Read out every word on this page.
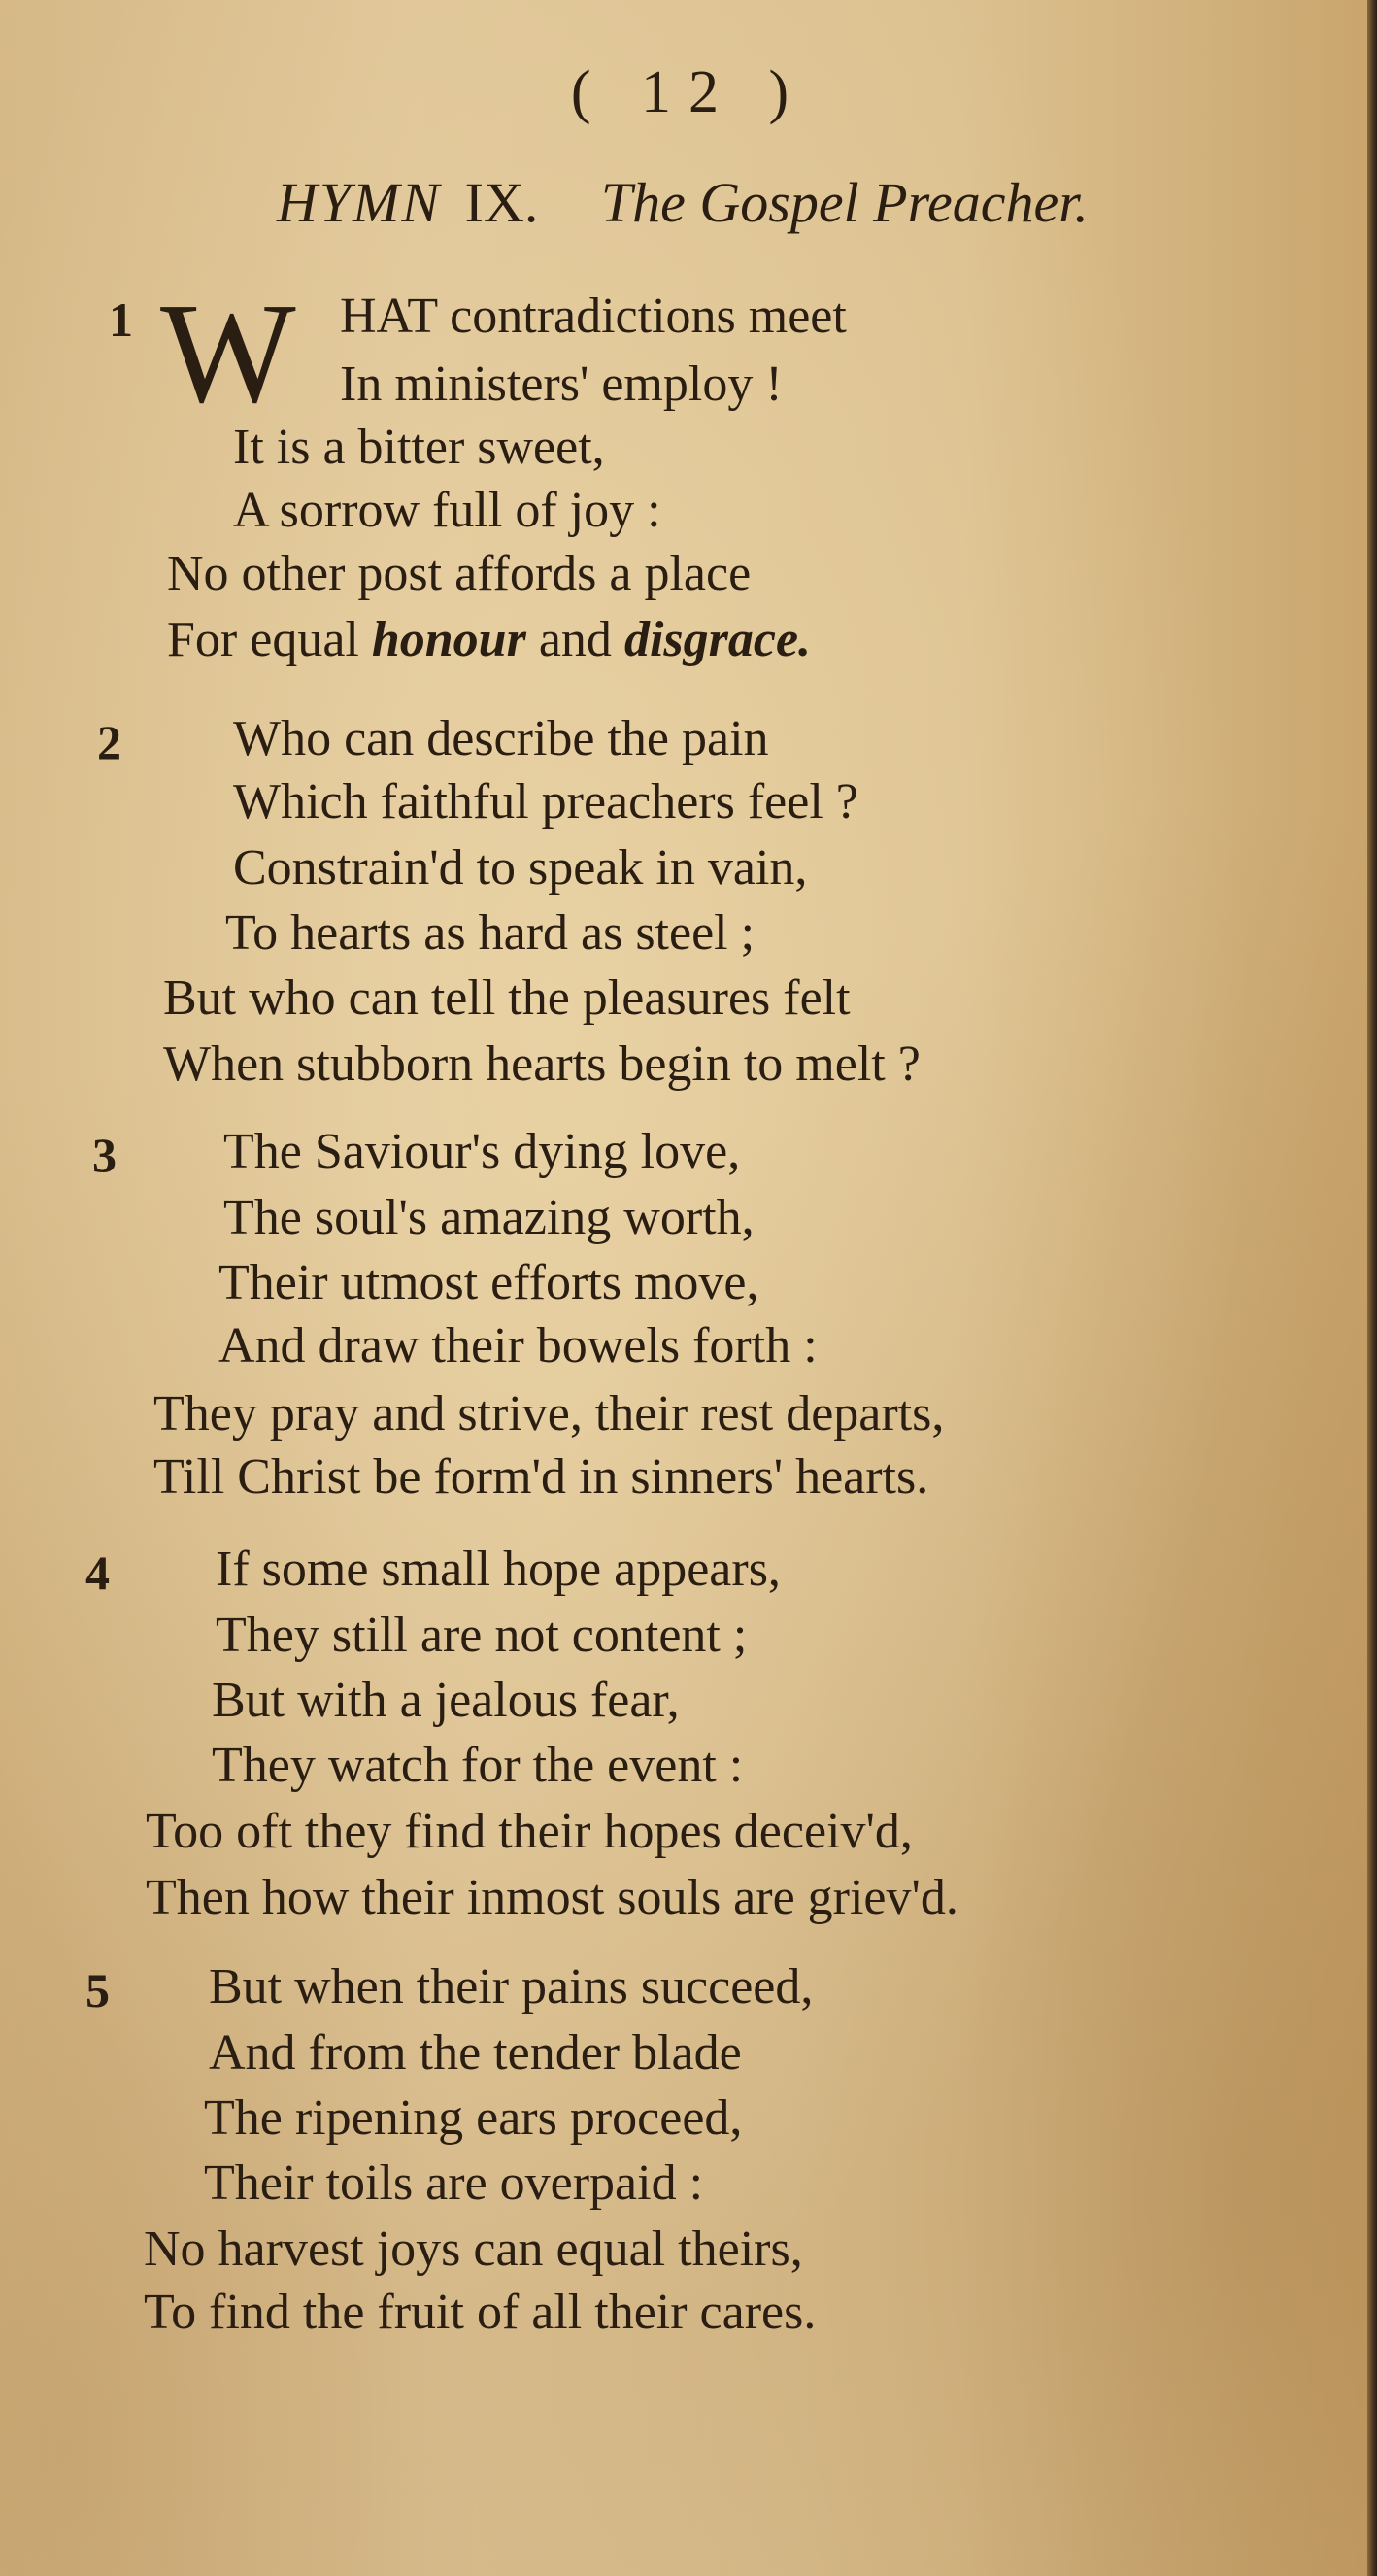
( 12 )
HYMN IX. The Gospel Preacher.
1 W HAT contradictions meet
In ministers' employ !
It is a bitter sweet,
A sorrow full of joy :
No other post affords a place
For equal honour and disgrace.
2 Who can describe the pain
Which faithful preachers feel ?
Constrain'd to speak in vain,
To hearts as hard as steel ;
But who can tell the pleasures felt
When stubborn hearts begin to melt ?
3 The Saviour's dying love,
The soul's amazing worth,
Their utmost efforts move,
And draw their bowels forth :
They pray and strive, their rest departs,
Till Christ be form'd in sinners' hearts.
4 If some small hope appears,
They still are not content ;
But with a jealous fear,
They watch for the event :
Too oft they find their hopes deceiv'd,
Then how their inmost souls are griev'd.
5 But when their pains succeed,
And from the tender blade
The ripening ears proceed,
Their toils are overpaid :
No harvest joys can equal theirs,
To find the fruit of all their cares.
